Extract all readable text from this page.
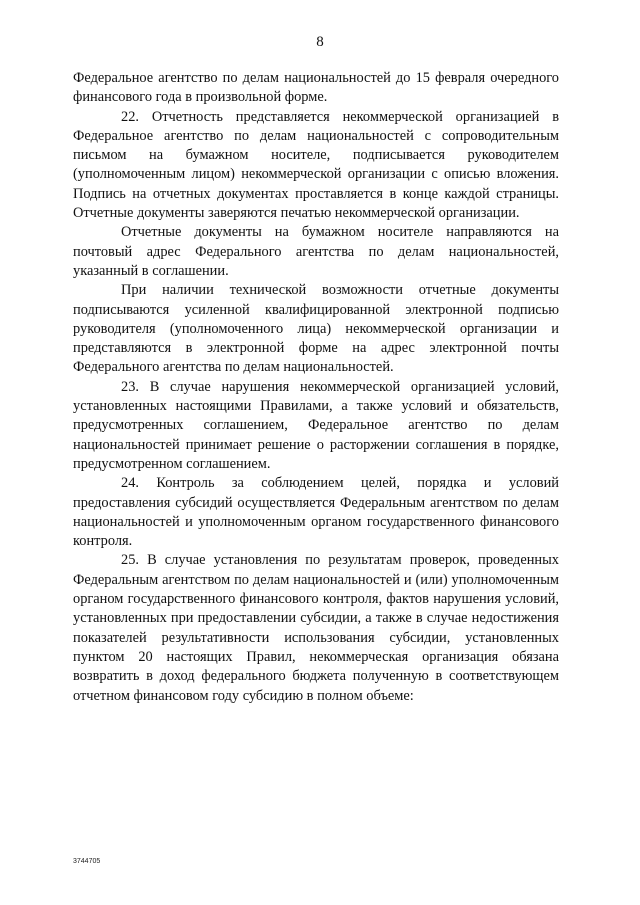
8

Федеральное агентство по делам национальностей до 15 февраля очередного финансового года в произвольной форме.

22. Отчетность представляется некоммерческой организацией в Федеральное агентство по делам национальностей с сопроводительным письмом на бумажном носителе, подписывается руководителем (уполномоченным лицом) некоммерческой организации с описью вложения. Подпись на отчетных документах проставляется в конце каждой страницы. Отчетные документы заверяются печатью некоммерческой организации.

Отчетные документы на бумажном носителе направляются на почтовый адрес Федерального агентства по делам национальностей, указанный в соглашении.

При наличии технической возможности отчетные документы подписываются усиленной квалифицированной электронной подписью руководителя (уполномоченного лица) некоммерческой организации и представляются в электронной форме на адрес электронной почты Федерального агентства по делам национальностей.

23. В случае нарушения некоммерческой организацией условий, установленных настоящими Правилами, а также условий и обязательств, предусмотренных соглашением, Федеральное агентство по делам национальностей принимает решение о расторжении соглашения в порядке, предусмотренном соглашением.

24. Контроль за соблюдением целей, порядка и условий предоставления субсидий осуществляется Федеральным агентством по делам национальностей и уполномоченным органом государственного финансового контроля.

25. В случае установления по результатам проверок, проведенных Федеральным агентством по делам национальностей и (или) уполномоченным органом государственного финансового контроля, фактов нарушения условий, установленных при предоставлении субсидии, а также в случае недостижения показателей результативности использования субсидии, установленных пунктом 20 настоящих Правил, некоммерческая организация обязана возвратить в доход федерального бюджета полученную в соответствующем отчетном финансовом году субсидию в полном объеме:

3744705
